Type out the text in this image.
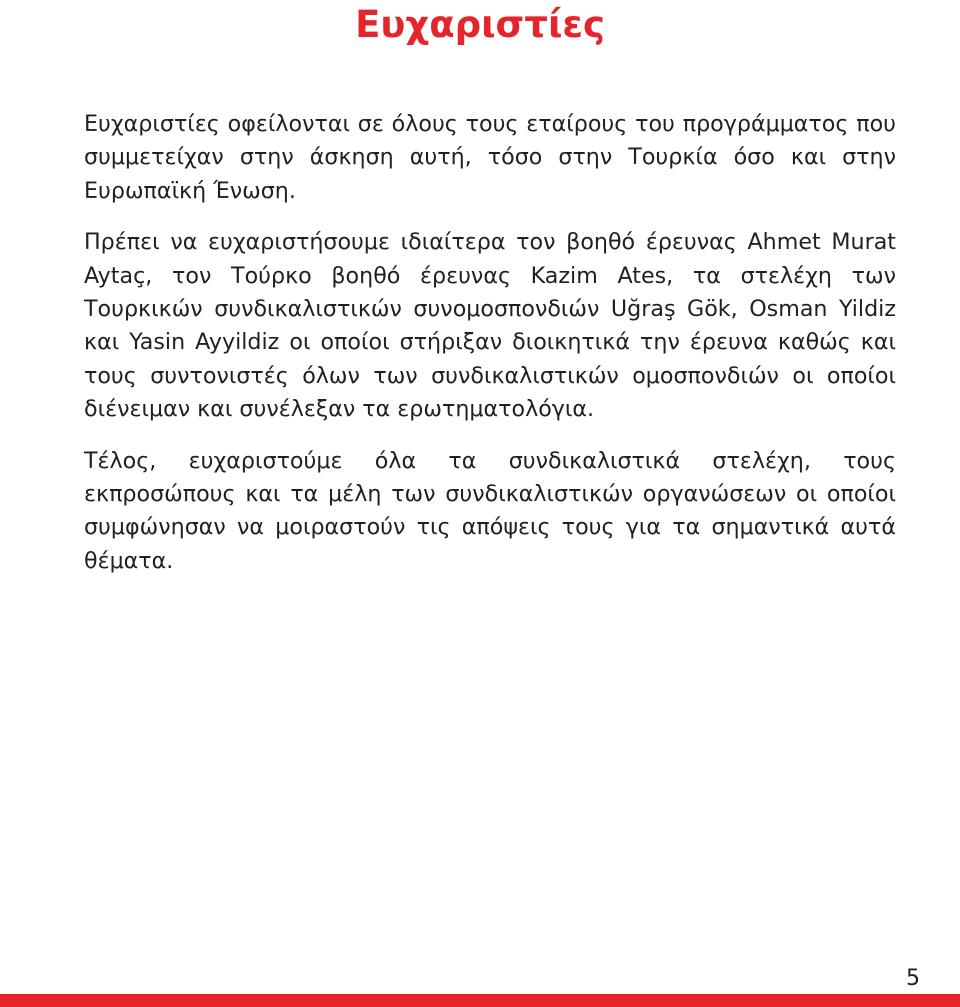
Ευχαριστίες

Ευχαριστίες οφείλονται σε όλους τους εταίρους του προγράμματος που συμμετείχαν στην άσκηση αυτή, τόσο στην Τουρκία όσο και στην Ευρωπαϊκή Ένωση.

Πρέπει να ευχαριστήσουμε ιδιαίτερα τον βοηθό έρευνας Ahmet Murat Aytaç, τον Τούρκο βοηθό έρευνας Kazim Ates, τα στελέχη των Τουρκικών συνδικαλιστικών συνομοσπονδιών Uğraş Gök, Osman Yildiz και Yasin Ayyildiz οι οποίοι στήριξαν διοικητικά την έρευνα καθώς και τους συντονιστές όλων των συνδικαλιστικών ομοσπονδιών οι οποίοι διένειμαν και συνέλεξαν τα ερωτηματολόγια.

Τέλος, ευχαριστούμε όλα τα συνδικαλιστικά στελέχη, τους εκπροσώπους και τα μέλη των συνδικαλιστικών οργανώσεων οι οποίοι συμφώνησαν να μοιραστούν τις απόψεις τους για τα σημαντικά αυτά θέματα.

5
